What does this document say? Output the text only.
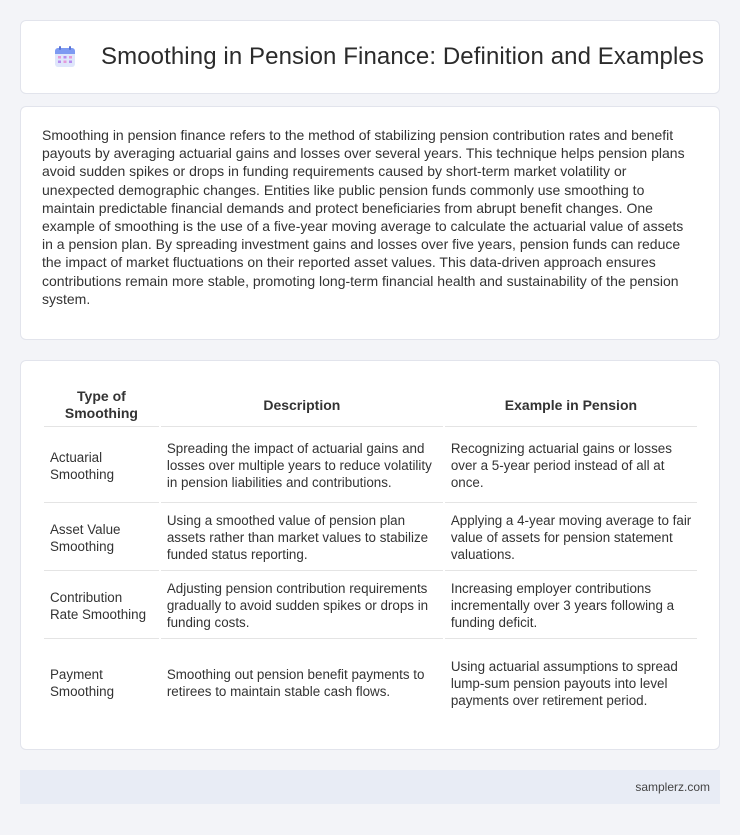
Smoothing in Pension Finance: Definition and Examples

Smoothing in pension finance refers to the method of stabilizing pension contribution rates and benefit payouts by averaging actuarial gains and losses over several years. This technique helps pension plans avoid sudden spikes or drops in funding requirements caused by short-term market volatility or unexpected demographic changes. Entities like public pension funds commonly use smoothing to maintain predictable financial demands and protect beneficiaries from abrupt benefit changes. One example of smoothing is the use of a five-year moving average to calculate the actuarial value of assets in a pension plan. By spreading investment gains and losses over five years, pension funds can reduce the impact of market fluctuations on their reported asset values. This data-driven approach ensures contributions remain more stable, promoting long-term financial health and sustainability of the pension system.

Type of Smoothing	Description	Example in Pension
Actuarial Smoothing	Spreading the impact of actuarial gains and losses over multiple years to reduce volatility in pension liabilities and contributions.	Recognizing actuarial gains or losses over a 5-year period instead of all at once.
Asset Value Smoothing	Using a smoothed value of pension plan assets rather than market values to stabilize funded status reporting.	Applying a 4-year moving average to fair value of assets for pension statement valuations.
Contribution Rate Smoothing	Adjusting pension contribution requirements gradually to avoid sudden spikes or drops in funding costs.	Increasing employer contributions incrementally over 3 years following a funding deficit.
Payment Smoothing	Smoothing out pension benefit payments to retirees to maintain stable cash flows.	Using actuarial assumptions to spread lump-sum pension payouts into level payments over retirement period.
samplerz.com
